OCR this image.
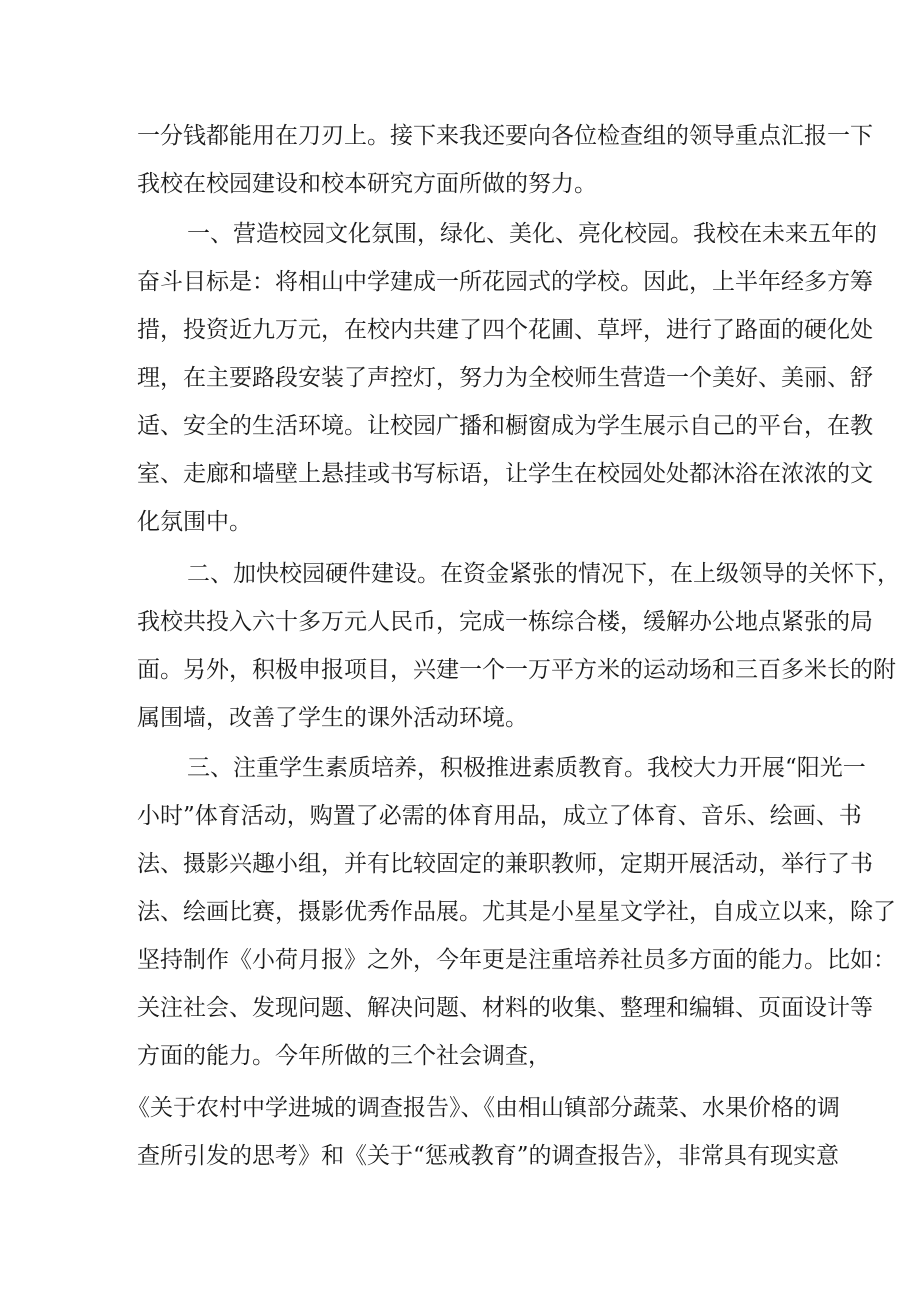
一分钱都能用在刀刃上。接下来我还要向各位检查组的领导重点汇报一下
我校在校园建设和校本研究方面所做的努力。
一、营造校园文化氛围，绿化、美化、亮化校园。我校在未来五年的
奋斗目标是：将相山中学建成一所花园式的学校。因此，上半年经多方筹
措，投资近九万元，在校内共建了四个花圃、草坪，进行了路面的硬化处
理，在主要路段安装了声控灯，努力为全校师生营造一个美好、美丽、舒
适、安全的生活环境。让校园广播和橱窗成为学生展示自己的平台，在教
室、走廊和墙壁上悬挂或书写标语，让学生在校园处处都沐浴在浓浓的文
化氛围中。
二、加快校园硬件建设。在资金紧张的情况下，在上级领导的关怀下，
我校共投入六十多万元人民币，完成一栋综合楼，缓解办公地点紧张的局
面。另外，积极申报项目，兴建一个一万平方米的运动场和三百多米长的附
属围墙，改善了学生的课外活动环境。
三、注重学生素质培养，积极推进素质教育。我校大力开展“阳光一
小时”体育活动，购置了必需的体育用品，成立了体育、音乐、绘画、书
法、摄影兴趣小组，并有比较固定的兼职教师，定期开展活动，举行了书
法、绘画比赛，摄影优秀作品展。尤其是小星星文学社，自成立以来，除了
坚持制作《小荷月报》之外，今年更是注重培养社员多方面的能力。比如：
关注社会、发现问题、解决问题、材料的收集、整理和编辑、页面设计等
方面的能力。今年所做的三个社会调查，
《关于农村中学进城的调查报告》、《由相山镇部分蔬菜、水果价格的调
查所引发的思考》和《关于“惩戒教育”的调查报告》，非常具有现实意
